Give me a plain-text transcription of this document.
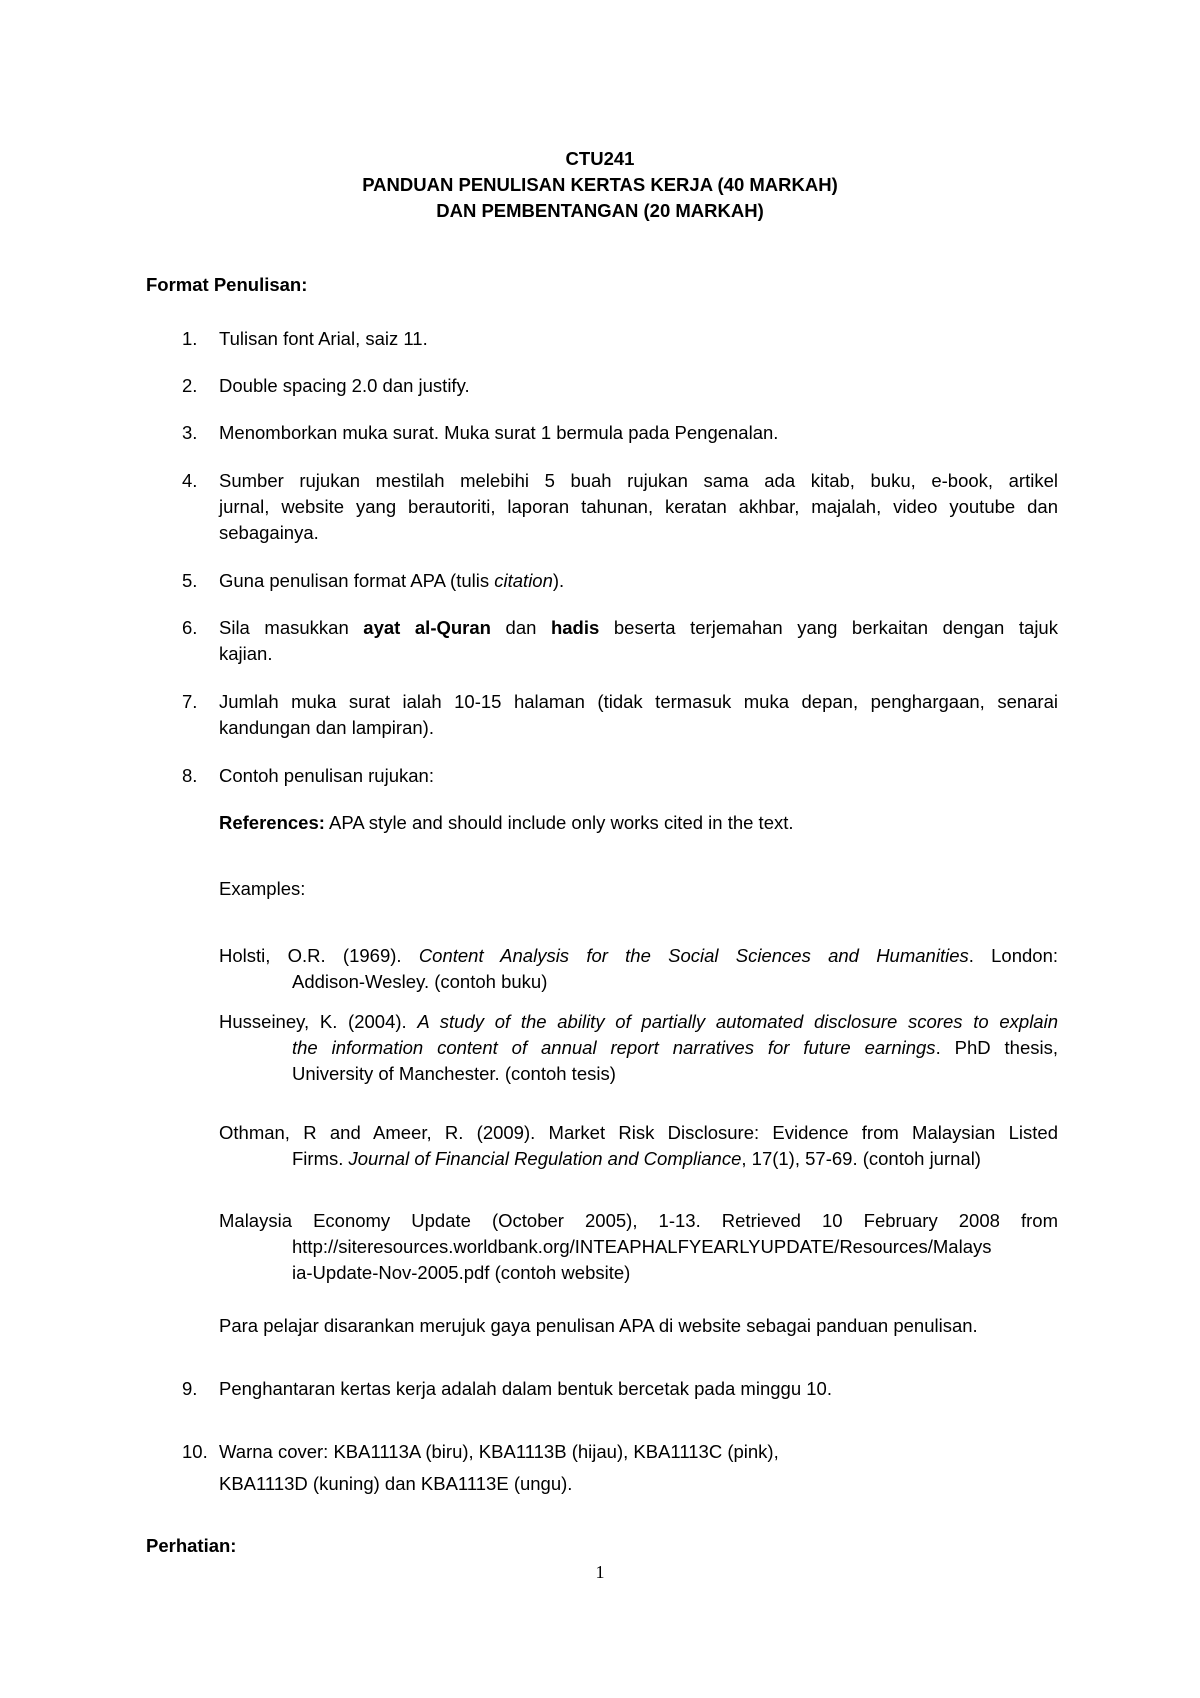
CTU241
PANDUAN PENULISAN KERTAS KERJA (40 MARKAH)
DAN PEMBENTANGAN (20 MARKAH)
Format Penulisan:
1.	Tulisan font Arial, saiz 11.
2.	Double spacing 2.0 dan justify.
3.	Menomborkan muka surat. Muka surat 1 bermula pada Pengenalan.
4.	Sumber rujukan mestilah melebihi 5 buah rujukan sama ada kitab, buku, e-book, artikel
jurnal, website yang berautoriti, laporan tahunan, keratan akhbar, majalah, video youtube dan
sebagainya.
5.	Guna penulisan format APA (tulis citation).
6.	Sila masukkan ayat al-Quran dan hadis beserta terjemahan yang berkaitan dengan tajuk
kajian.
7.	Jumlah muka surat ialah 10-15 halaman (tidak termasuk muka depan, penghargaan, senarai
kandungan dan lampiran).
8.	Contoh penulisan rujukan:
References: APA style and should include only works cited in the text.
Examples:
Holsti, O.R. (1969). Content Analysis for the Social Sciences and Humanities. London:
Addison-Wesley. (contoh buku)
Husseiney, K. (2004). A study of the ability of partially automated disclosure scores to explain
the information content of annual report narratives for future earnings. PhD thesis,
University of Manchester. (contoh tesis)
Othman, R and Ameer, R. (2009). Market Risk Disclosure: Evidence from Malaysian Listed
Firms. Journal of Financial Regulation and Compliance, 17(1), 57-69. (contoh jurnal)
Malaysia Economy Update (October 2005), 1-13. Retrieved 10 February 2008 from
http://siteresources.worldbank.org/INTEAPHALFYEARLYUPDATE/Resources/Malays
ia-Update-Nov-2005.pdf (contoh website)
Para pelajar disarankan merujuk gaya penulisan APA di website sebagai panduan penulisan.
9.	Penghantaran kertas kerja adalah dalam bentuk bercetak pada minggu 10.
10. Warna cover: KBA1113A (biru), KBA1113B (hijau), KBA1113C (pink),
KBA1113D (kuning) dan KBA1113E (ungu).
Perhatian:
1
